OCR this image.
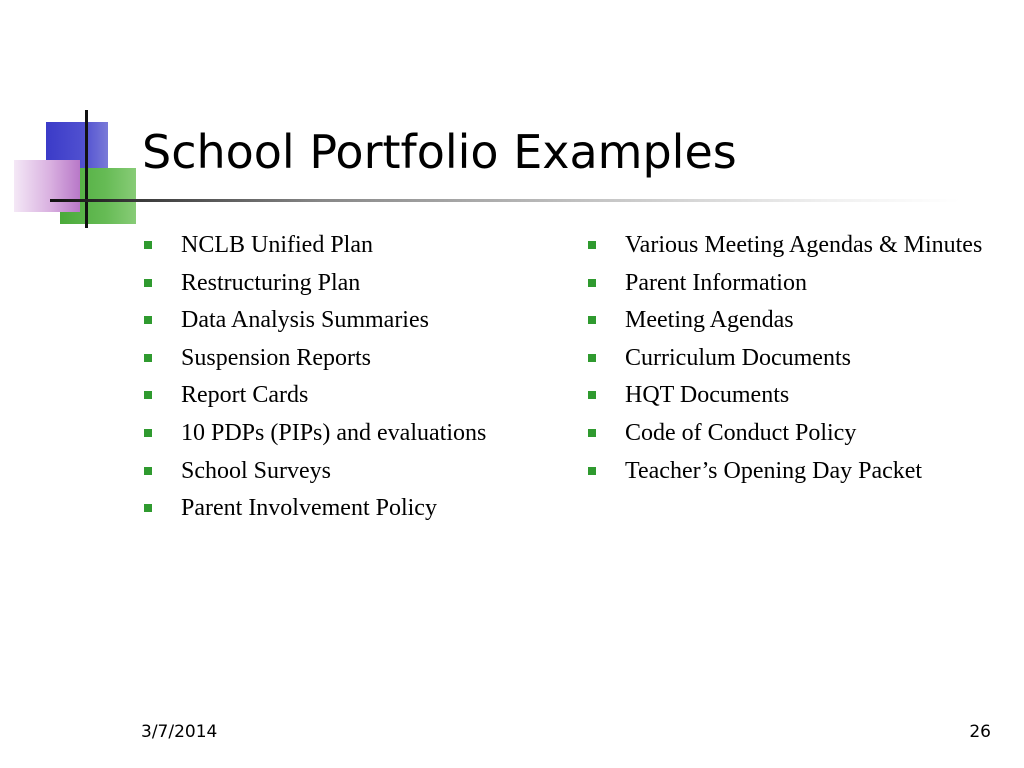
School Portfolio Examples
NCLB Unified Plan
Restructuring Plan
Data Analysis Summaries
Suspension Reports
Report Cards
10 PDPs (PIPs) and evaluations
School Surveys
Parent Involvement Policy
Various Meeting Agendas & Minutes
Parent Information
Meeting Agendas
Curriculum Documents
HQT Documents
Code of Conduct Policy
Teacher’s Opening Day Packet
3/7/2014	26
